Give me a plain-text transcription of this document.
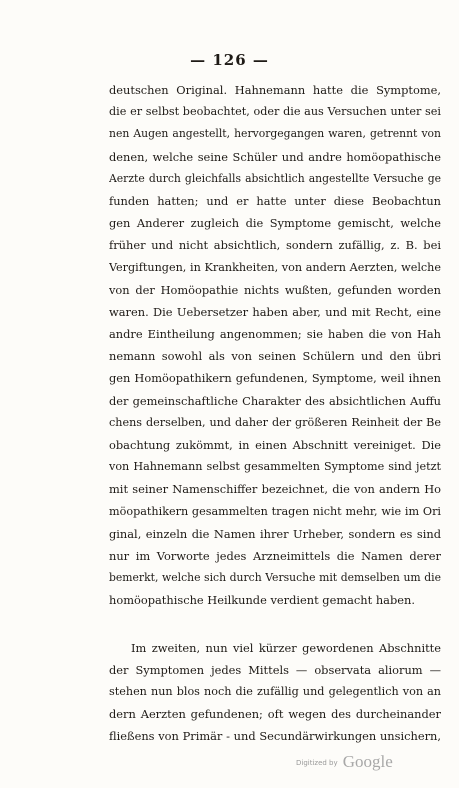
— 126 —
deutschen Original. Hahnemann hatte die Symptome,
die er selbst beobachtet, oder die aus Versuchen unter sei
nen Augen angestellt, hervorgegangen waren, getrennt von
denen, welche seine Schüler und andre homöopathische
Aerzte durch gleichfalls absichtlich angestellte Versuche ge
funden hatten; und er hatte unter diese Beobachtun
gen Anderer zugleich die Symptome gemischt, welche
früher und nicht absichtlich, sondern zufällig, z. B. bei
Vergiftungen, in Krankheiten, von andern Aerzten, welche
von der Homöopathie nichts wußten, gefunden worden
waren. Die Uebersetzer haben aber, und mit Recht, eine
andre Eintheilung angenommen; sie haben die von Hah
nemann sowohl als von seinen Schülern und den übri
gen Homöopathikern gefundenen, Symptome, weil ihnen
der gemeinschaftliche Charakter des absichtlichen Auffu
chens derselben, und daher der größeren Reinheit der Be
obachtung zukömmt, in einen Abschnitt vereiniget. Die
von Hahnemann selbst gesammelten Symptome sind jetzt
mit seiner Namenschiffer bezeichnet, die von andern Ho
möopathikern gesammelten tragen nicht mehr, wie im Ori
ginal, einzeln die Namen ihrer Urheber, sondern es sind
nur im Vorworte jedes Arzneimittels die Namen derer
bemerkt, welche sich durch Versuche mit demselben um die
homöopathische Heilkunde verdient gemacht haben.
Im zweiten, nun viel kürzer gewordenen Abschnitte
der Symptomen jedes Mittels — observata aliorum —
stehen nun blos noch die zufällig und gelegentlich von an
dern Aerzten gefundenen; oft wegen des durcheinander
fließens von Primär - und Secundärwirkungen unsichern,
Digitized by Google
